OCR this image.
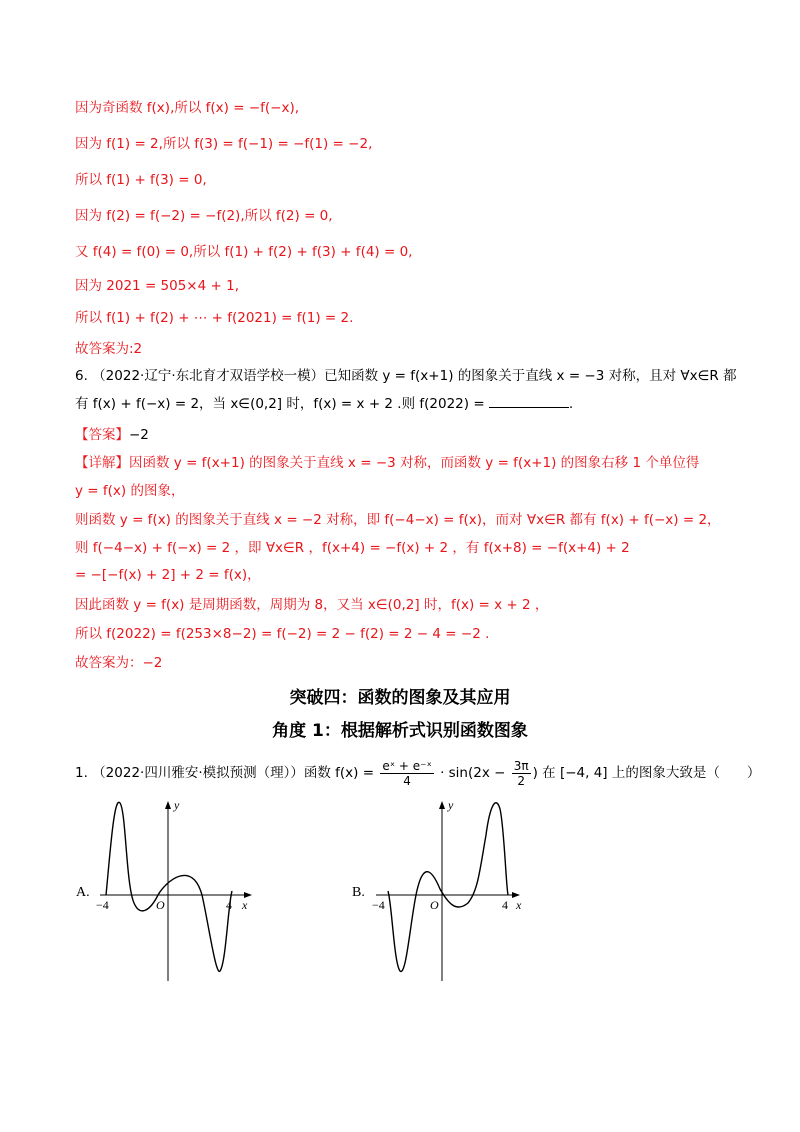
因为奇函数 f(x),所以 f(x) = −f(−x),
因为 f(1) = 2,所以 f(3) = f(−1) = −f(1) = −2,
所以 f(1) + f(3) = 0,
因为 f(2) = f(−2) = −f(2),所以 f(2) = 0,
又 f(4) = f(0) = 0,所以 f(1) + f(2) + f(3) + f(4) = 0,
因为 2021 = 505×4 + 1,
所以 f(1) + f(2) + ⋯ + f(2021) = f(1) = 2.
故答案为:2
6. （2022·辽宁·东北育才双语学校一模）已知函数 y = f(x+1) 的图象关于直线 x = −3 对称，且对 ∀x∈R 都
有 f(x) + f(−x) = 2，当 x∈(0,2] 时，f(x) = x + 2 .则 f(2022) =	.
【答案】−2
【详解】因函数 y = f(x+1) 的图象关于直线 x = −3 对称，而函数 y = f(x+1) 的图象右移 1 个单位得
y = f(x) 的图象，
则函数 y = f(x) 的图象关于直线 x = −2 对称，即 f(−4−x) = f(x)，而对 ∀x∈R 都有 f(x) + f(−x) = 2，
则 f(−4−x) + f(−x) = 2 ，即 ∀x∈R ，f(x+4) = −f(x) + 2 ，有 f(x+8) = −f(x+4) + 2
= −[−f(x) + 2] + 2 = f(x)，
因此函数 y = f(x) 是周期函数，周期为 8，又当 x∈(0,2] 时，f(x) = x + 2 ，
所以 f(2022) = f(253×8−2) = f(−2) = 2 − f(2) = 2 − 4 = −2 .
故答案为：−2
突破四：函数的图象及其应用
角度 1：根据解析式识别函数图象
1. （2022·四川雅安·模拟预测（理））函数 $f(x) = \frac{\text{eˣ + e⁻ˣ}}{4} \cdot \sin(2x - \frac{3\pi}{2}$ ) 在 [−4, 4] 上的图象大致是（　　）
A.
−4	O	4 x
y
B.
−4	O	4 x
y
